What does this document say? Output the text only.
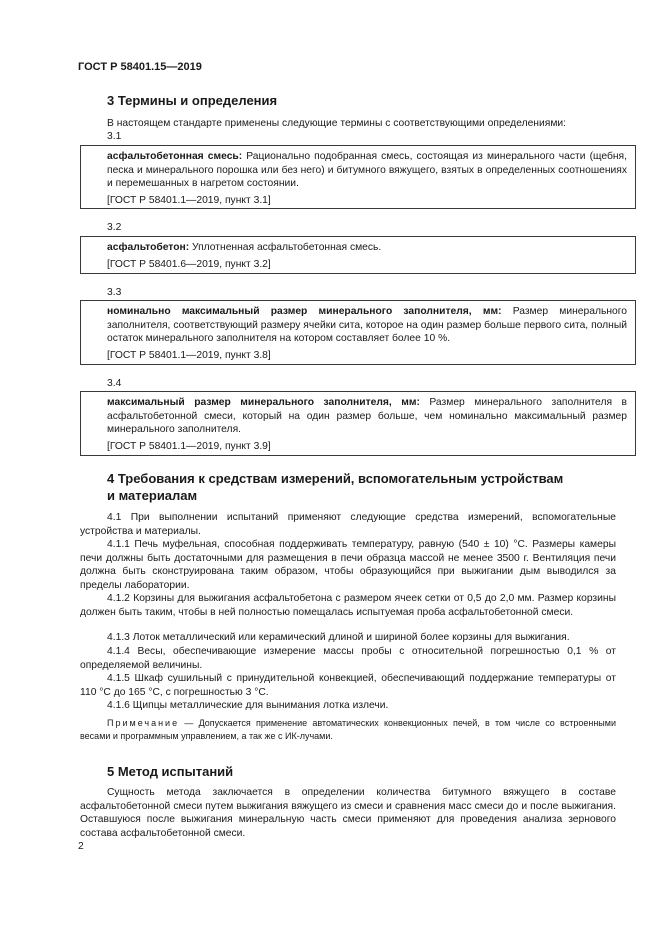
ГОСТ Р 58401.15—2019
3 Термины и определения
В настоящем стандарте применены следующие термины с соответствующими определениями:
3.1
асфальтобетонная смесь: Рационально подобранная смесь, состоящая из минерального части (щебня, песка и минерального порошка или без него) и битумного вяжущего, взятых в определенных соотношениях и перемешанных в нагретом состоянии.
[ГОСТ Р 58401.1—2019, пункт 3.1]
3.2
асфальтобетон: Уплотненная асфальтобетонная смесь.
[ГОСТ Р 58401.6—2019, пункт 3.2]
3.3
номинально максимальный размер минерального заполнителя, мм: Размер минерального заполнителя, соответствующий размеру ячейки сита, которое на один размер больше первого сита, полный остаток минерального заполнителя на котором составляет более 10 %.
[ГОСТ Р 58401.1—2019, пункт 3.8]
3.4
максимальный размер минерального заполнителя, мм: Размер минерального заполнителя в асфальтобетонной смеси, который на один размер больше, чем номинально максимальный размер минерального заполнителя.
[ГОСТ Р 58401.1—2019, пункт 3.9]
4 Требования к средствам измерений, вспомогательным устройствам
и материалам
4.1 При выполнении испытаний применяют следующие средства измерений, вспомогательные устройства и материалы.
4.1.1 Печь муфельная, способная поддерживать температуру, равную (540 ± 10) °С. Размеры камеры печи должны быть достаточными для размещения в печи образца массой не менее 3500 г. Вентиляция печи должна быть сконструирована таким образом, чтобы образующийся при выжигании дым выводился за пределы лаборатории.
4.1.2 Корзины для выжигания асфальтобетона с размером ячеек сетки от 0,5 до 2,0 мм. Размер корзины должен быть таким, чтобы в ней полностью помещалась испытуемая проба асфальтобетонной смеси.
4.1.3 Лоток металлический или керамический длиной и шириной более корзины для выжигания.
4.1.4 Весы, обеспечивающие измерение массы пробы с относительной погрешностью 0,1 % от определяемой величины.
4.1.5 Шкаф сушильный с принудительной конвекцией, обеспечивающий поддержание температуры от 110 °С до 165 °С, с погрешностью 3 °С.
4.1.6 Щипцы металлические для вынимания лотка излечи.
Примечание — Допускается применение автоматических конвекционных печей, в том числе со встроенными весами и программным управлением, а так же с ИК-лучами.
5 Метод испытаний
Сущность метода заключается в определении количества битумного вяжущего в составе асфальтобетонной смеси путем выжигания вяжущего из смеси и сравнения масс смеси до и после выжигания. Оставшуюся после выжигания минеральную часть смеси применяют для проведения анализа зернового состава асфальтобетонной смеси.
2
